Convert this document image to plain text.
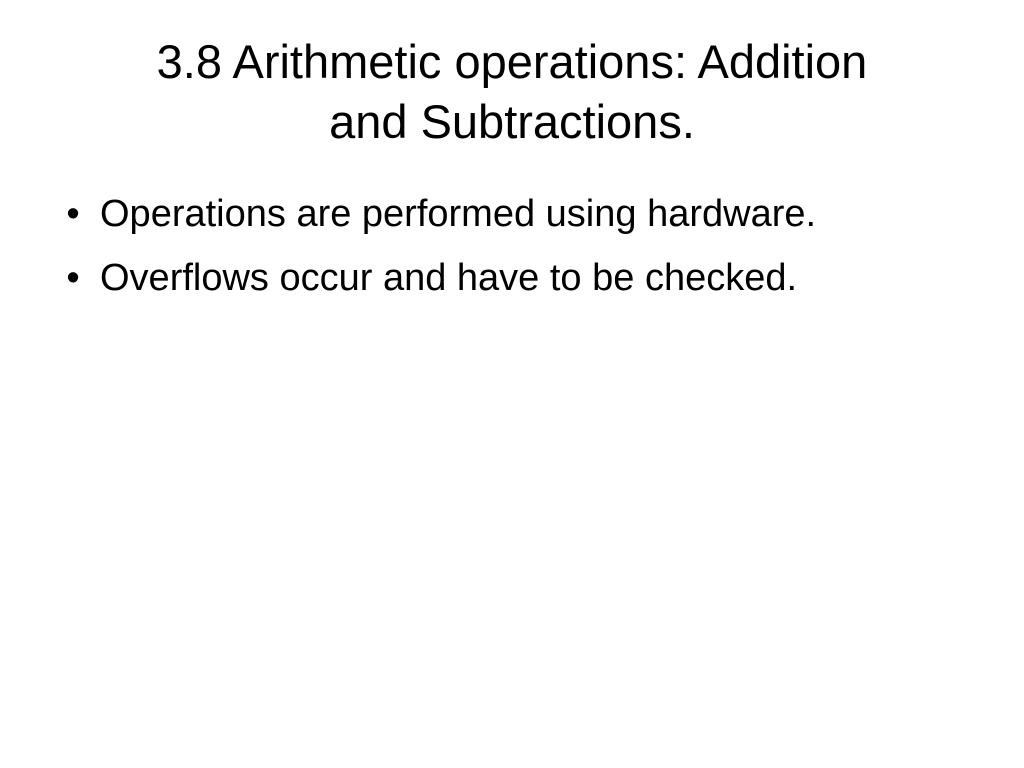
3.8 Arithmetic operations: Addition
and Subtractions.
• Operations are performed using hardware.
• Overflows occur and have to be checked.
